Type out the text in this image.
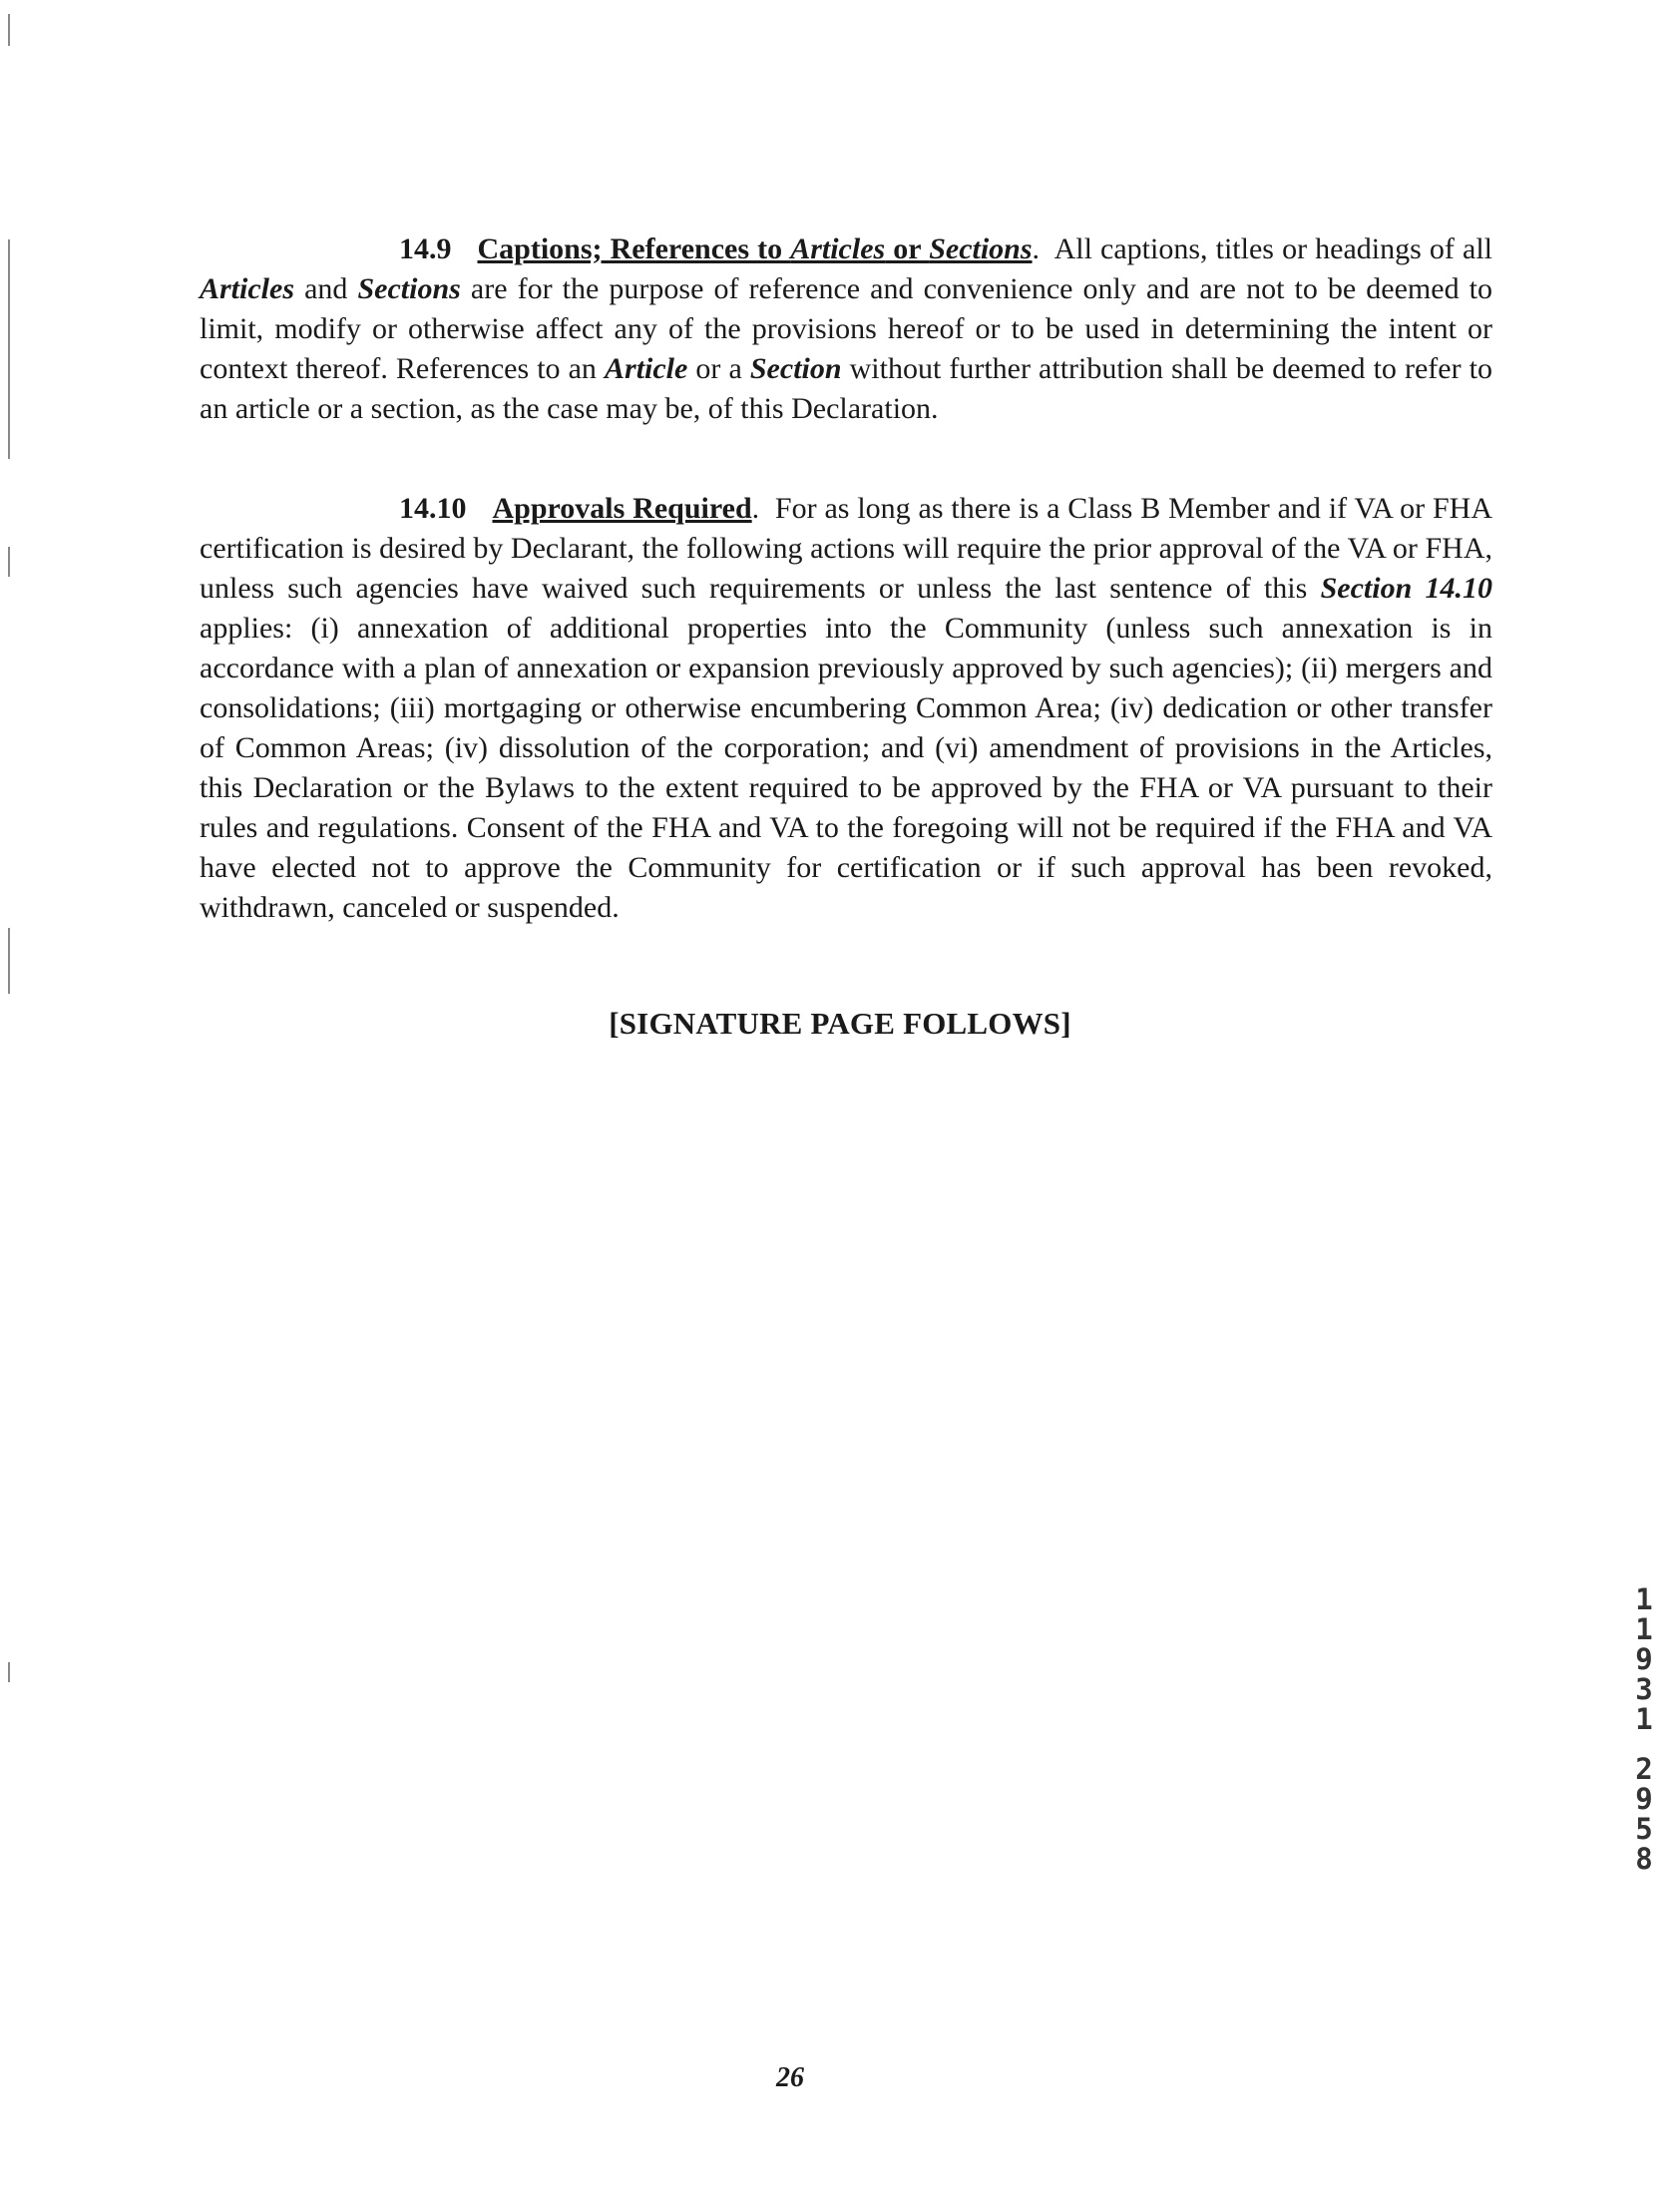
14.9 Captions; References to Articles or Sections. All captions, titles or headings of all Articles and Sections are for the purpose of reference and convenience only and are not to be deemed to limit, modify or otherwise affect any of the provisions hereof or to be used in determining the intent or context thereof. References to an Article or a Section without further attribution shall be deemed to refer to an article or a section, as the case may be, of this Declaration.

14.10 Approvals Required. For as long as there is a Class B Member and if VA or FHA certification is desired by Declarant, the following actions will require the prior approval of the VA or FHA, unless such agencies have waived such requirements or unless the last sentence of this Section 14.10 applies: (i) annexation of additional properties into the Community (unless such annexation is in accordance with a plan of annexation or expansion previously approved by such agencies); (ii) mergers and consolidations; (iii) mortgaging or otherwise encumbering Common Area; (iv) dedication or other transfer of Common Areas; (iv) dissolution of the corporation; and (vi) amendment of provisions in the Articles, this Declaration or the Bylaws to the extent required to be approved by the FHA or VA pursuant to their rules and regulations. Consent of the FHA and VA to the foregoing will not be required if the FHA and VA have elected not to approve the Community for certification or if such approval has been revoked, withdrawn, canceled or suspended.

[SIGNATURE PAGE FOLLOWS]
1
1
9
3
1
2
9
5
8
26
